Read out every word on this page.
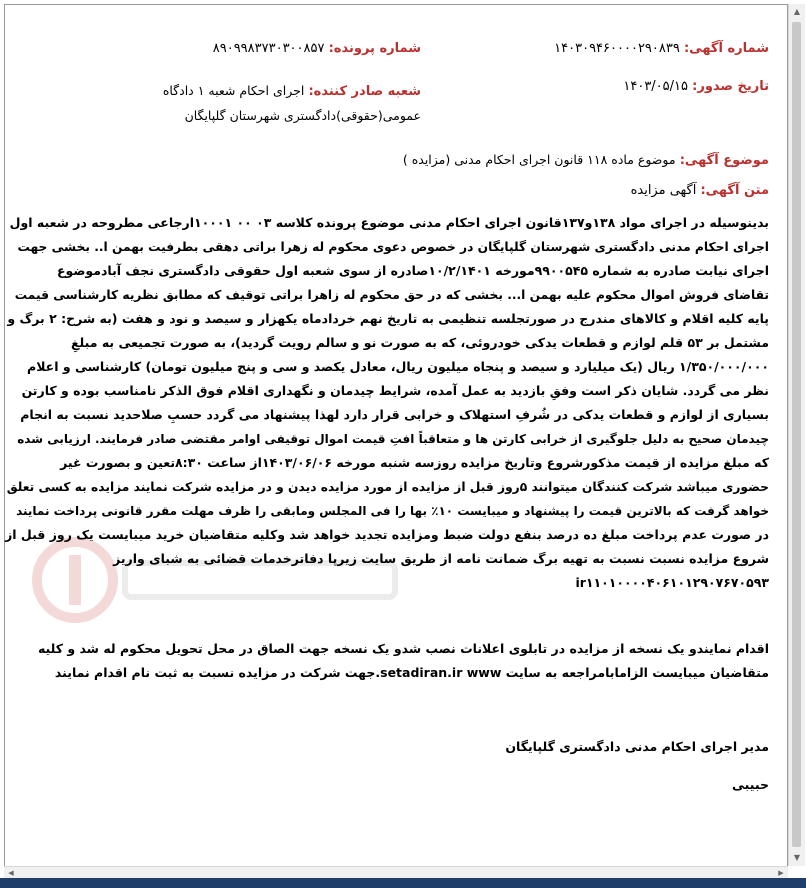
شماره آگهی: ۱۴۰۳۰۹۴۶۰۰۰۰۲۹۰۸۳۹
شماره پرونده: ۸۹۰۹۹۸۳۷۳۰۳۰۰۸۵۷
تاریخ صدور: ۱۴۰۳/۰۵/۱۵
شعبه صادر کننده: اجرای احکام شعبه ۱ دادگاه عمومی(حقوقی)دادگستری شهرستان گلپایگان
موضوع آگهی: موضوع ماده ۱۱۸ قانون اجرای احکام مدنی (مزایده )
متن آگهی: آگهی مزایده
بدینوسیله در اجرای مواد ۱۳۸و۱۳۷قانون اجرای احکام مدنی موضوع پرونده کلاسه ۰۳ ۰۰ ۱۰۰۰۱ارجاعی مطروحه در شعبه اول
اجرای احکام مدنی دادگستری شهرستان گلپایگان در خصوص دعوی محکوم له زهرا براتی دهقی بطرفیت بهمن ا.. بخشی جهت
اجرای نیابت صادره به شماره ۹۹۰۰۵۴۵مورخه ۱۰/۲/۱۴۰۱صادره از سوی شعبه اول حقوقی دادگستری نجف آبادموضوع
تقاضای فروش اموال محکوم علیه بهمن ا... بخشی که در حق محکوم له زاهرا براتی توقیف که مطابق نظریه کارشناسی قیمت
پایه کلیه اقلام و کالاهای مندرج در صورتجلسه تنظیمی به تاریخ نهم خردادماه یکهزار و سیصد و نود و هفت (به شرح: ۲ برگ و
مشتمل بر ۵۳ قلم لوازم و قطعات یدکی خودروئی، که به صورت نو و سالم رویت گردید)، به صورت تجمیعی به مبلغِ
۱/۳۵۰/۰۰۰/۰۰۰ ریال (یک میلیارد و سیصد و پنجاه میلیون ریال، معادل یکصد و سی و پنج میلیون تومان) کارشناسی و اعلام
نظر می گردد. شایان ذکر است وفقِ بازدید به عمل آمده، شرایط چیدمان و نگهداری اقلام فوق الذکر نامناسب بوده و کارتن
بسیاری از لوازم و قطعات یدکی در شُرفِ استهلاک و خرابی قرار دارد لهذا پیشنهاد می گردد حسبِ صلاحدید نسبت به انجام
چیدمان صحیح به دلیل جلوگیری از خرابی کارتن ها و متعاقباً افتِ قیمت اموال توقیفی اوامر مقتضی صادر فرمایند. ارزیابی شده
که مبلغ مزایده از قیمت مذکورشروع وتاریخ مزایده روزسه شنبه مورخه ۱۴۰۳/۰۶/۰۶از ساعت ۸:۳۰تعین و بصورت غیر
حضوری میباشد شرکت کنندگان میتوانند ۵روز قبل از مزایده از مورد مزایده دیدن و در مزایده شرکت نمایند مزایده به کسی تعلق
خواهد گرفت که بالاترین قیمت را پیشنهاد و میبایست ۱۰٪ بها را فی المجلس ومابقی را ظرف مهلت مقرر قانونی پرداخت نمایند
در صورت عدم پرداخت مبلغ ده درصد بنفع دولت ضبط ومزایده تجدید خواهد شد وکلیه متقاضیان خرید میبایست یک روز قبل از
شروع مزایده نسبت نسبت به تهیه برگ ضمانت نامه از طریق سایت زیرپا دفاترخدمات قضائی به شبای واریز
ir۱۱۰۱۰۰۰۰۴۰۶۱۰۱۲۹۰۷۶۷۰۵۹۳
اقدام نمایندو یک نسخه از مزایده در تابلوی اعلانات نصب شدو یک نسخه جهت الصاق در محل تحویل محکوم له شد و کلیه
متقاضیان میبایست الزامابامراجعه به سایت setadiran.ir www.جهت شرکت در مزایده نسبت به ثبت نام اقدام نمایند
مدیر اجرای احکام مدنی دادگستری گلپایگان
حبیبی
▲
▼
◀	▶
